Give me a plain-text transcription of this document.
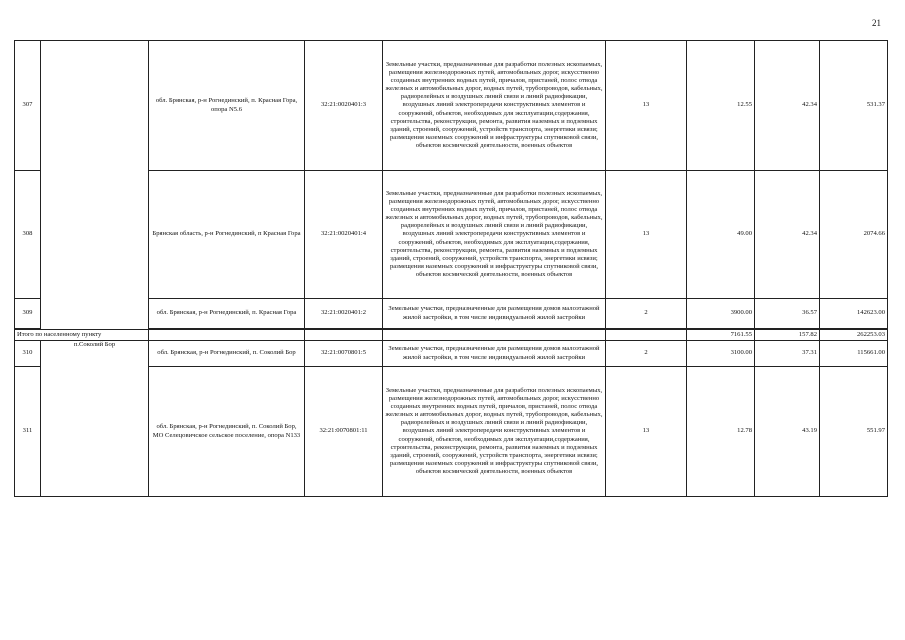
21
307		обл. Брянская, р-н Рогнединский, п. Красная Гора, опора N5.6	32:21:0020401:3	Земельные участки, предназначенные для разработки полезных ископаемых, размещения железнодорожных путей, автомобильных дорог, искусственно созданных внутренних водных путей, причалов, пристаней, полос отвода железных и автомобильных дорог, водных путей, трубопроводов, кабельных, радиорелейных и воздушных линий связи и линий радиофикации, воздушных линий электропередачи конструктивных элементов и сооружений, объектов, необходимых для эксплуатации,содержания, строительства, реконструкции, ремонта, развития наземных и подземных зданий, строений, сооружений, устройств транспорта, энергетики исвязи; размещения наземных сооружений и инфраструктуры спутниковой связи, объектов космической деятельности, военных объектов	13	12.55	42.34	531.37
308		Брянская область, р-н Рогнединский, п Красная Гора	32:21:0020401:4	Земельные участки, предназначенные для разработки полезных ископаемых, размещения железнодорожных путей, автомобильных дорог, искусственно созданных внутренних водных путей, причалов, пристаней, полос отвода железных и автомобильных дорог, водных путей, трубопроводов, кабельных, радиорелейных и воздушных линий связи и линий радиофикации, воздушных линий электропередачи конструктивных элементов и сооружений, объектов, необходимых для эксплуатации,содержания, строительства, реконструкции, ремонта, развития наземных и подземных зданий, строений, сооружений, устройств транспорта, энергетики исвязи; размещения наземных сооружений и инфраструктуры спутниковой связи, объектов космической деятельности, военных объектов	13	49.00	42.34	2074.66
309		обл. Брянская, р-н Рогнединский, п. Красная Гора	32:21:0020401:2	Земельные участки, предназначенные для размещения домов малоэтажной жилой застройки, в том числе индивидуальной жилой застройки	2	3900.00	36.57	142623.00

Итого по населенному пункту						7161.55	157.82	262253.03
310	п.Соколий Бор	обл. Брянская, р-н Рогнединский, п. Соколий Бор	32:21:0070801:5	Земельные участки, предназначенные для размещения домов малоэтажной жилой застройки, в том числе индивидуальной жилой застройки	2	3100.00	37.31	115661.00
311		обл. Брянская, р-н Рогнединский, п. Соколий Бор, МО Селецовичское сельское поселение, опора N133	32:21:0070801:11	Земельные участки, предназначенные для разработки полезных ископаемых, размещения железнодорожных путей, автомобильных дорог, искусственно созданных внутренних водных путей, причалов, пристаней, полос отвода железных и автомобильных дорог, водных путей, трубопроводов, кабельных, радиорелейных и воздушных линий связи и линий радиофикации, воздушных линий электропередачи конструктивных элементов и сооружений, объектов, необходимых для эксплуатации,содержания, строительства, реконструкции, ремонта, развития наземных и подземных зданий, строений, сооружений, устройств транспорта, энергетики исвязи; размещения наземных сооружений и инфраструктуры спутниковой связи, объектов космической деятельности, военных объектов	13	12.78	43.19	551.97
